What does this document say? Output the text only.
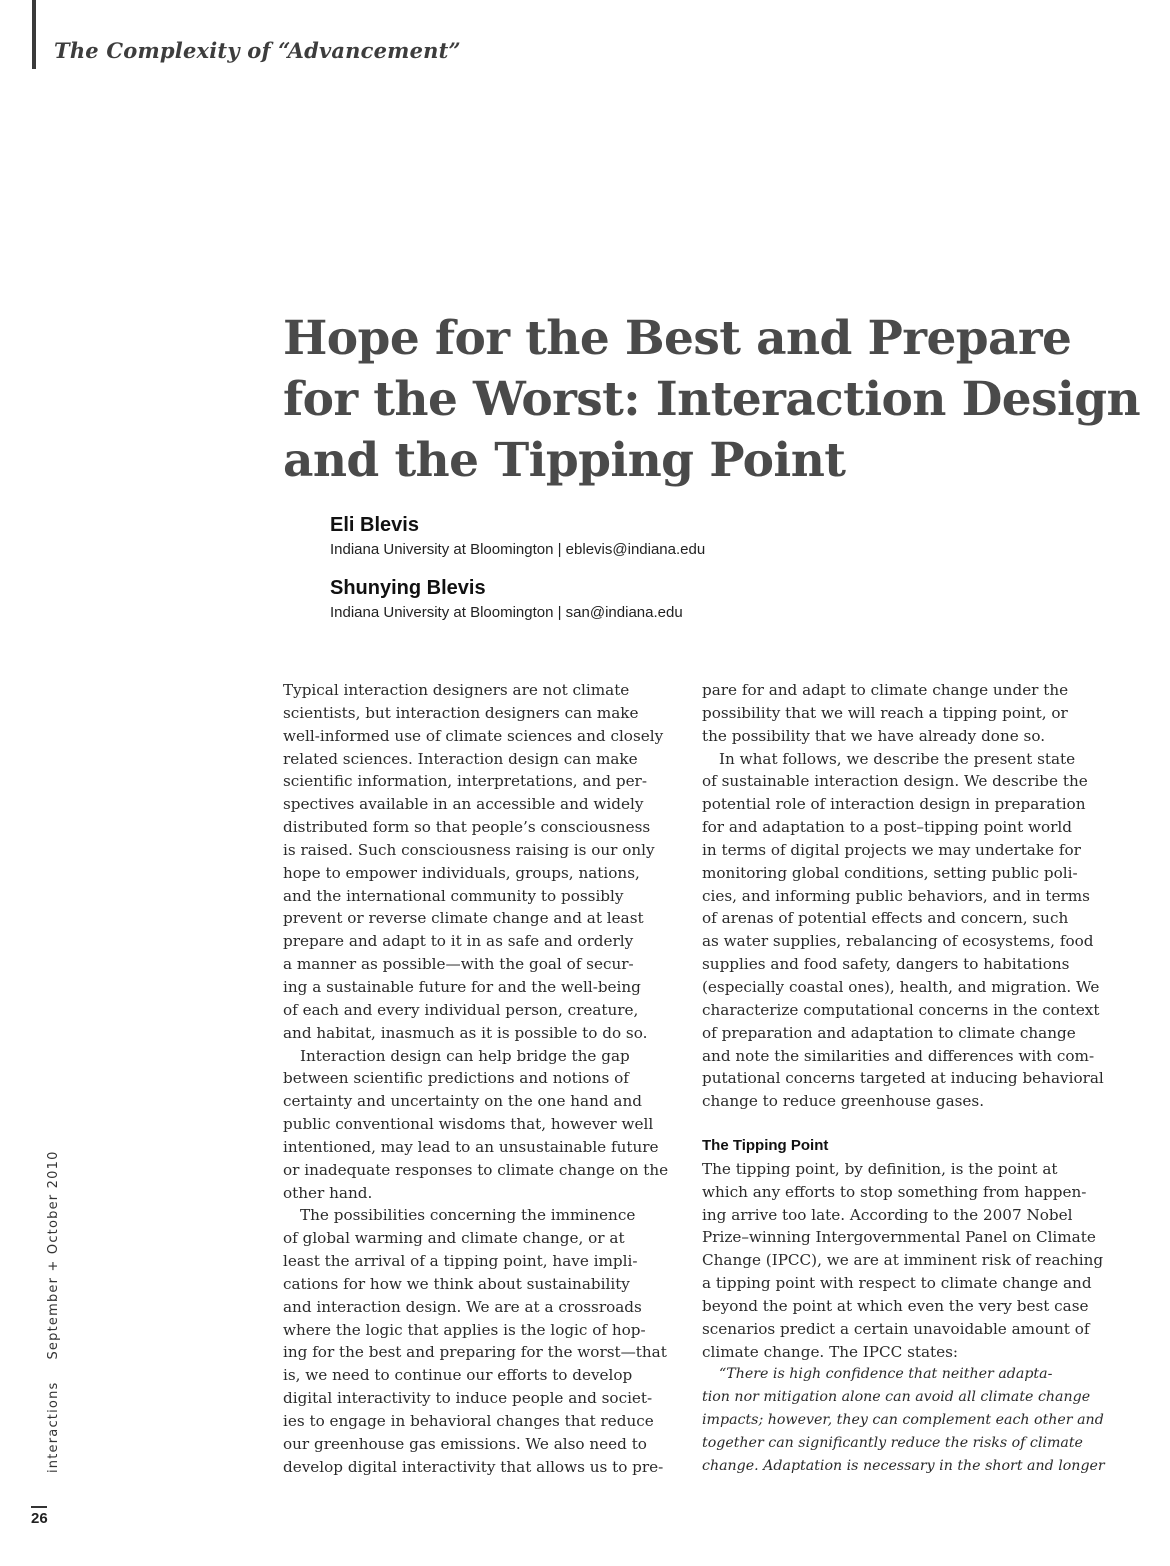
The Complexity of “Advancement”
Hope for the Best and Prepare
for the Worst: Interaction Design
and the Tipping Point
Eli Blevis
Indiana University at Bloomington | eblevis@indiana.edu
Shunying Blevis
Indiana University at Bloomington | san@indiana.edu
Typical interaction designers are not climate
scientists, but interaction designers can make
well-informed use of climate sciences and closely
related sciences. Interaction design can make
scientific information, interpretations, and per-
spectives available in an accessible and widely
distributed form so that people’s consciousness
is raised. Such consciousness raising is our only
hope to empower individuals, groups, nations,
and the international community to possibly
prevent or reverse climate change and at least
prepare and adapt to it in as safe and orderly
a manner as possible—with the goal of secur-
ing a sustainable future for and the well-being
of each and every individual person, creature,
and habitat, inasmuch as it is possible to do so.
Interaction design can help bridge the gap
between scientific predictions and notions of
certainty and uncertainty on the one hand and
public conventional wisdoms that, however well
intentioned, may lead to an unsustainable future
or inadequate responses to climate change on the
other hand.
The possibilities concerning the imminence
of global warming and climate change, or at
least the arrival of a tipping point, have impli-
cations for how we think about sustainability
and interaction design. We are at a crossroads
where the logic that applies is the logic of hop-
ing for the best and preparing for the worst—that
is, we need to continue our efforts to develop
digital interactivity to induce people and societ-
ies to engage in behavioral changes that reduce
our greenhouse gas emissions. We also need to
develop digital interactivity that allows us to pre-
pare for and adapt to climate change under the
possibility that we will reach a tipping point, or
the possibility that we have already done so.
In what follows, we describe the present state
of sustainable interaction design. We describe the
potential role of interaction design in preparation
for and adaptation to a post–tipping point world
in terms of digital projects we may undertake for
monitoring global conditions, setting public poli-
cies, and informing public behaviors, and in terms
of arenas of potential effects and concern, such
as water supplies, rebalancing of ecosystems, food
supplies and food safety, dangers to habitations
(especially coastal ones), health, and migration. We
characterize computational concerns in the context
of preparation and adaptation to climate change
and note the similarities and differences with com-
putational concerns targeted at inducing behavioral
change to reduce greenhouse gases.
The Tipping Point
The tipping point, by definition, is the point at
which any efforts to stop something from happen-
ing arrive too late. According to the 2007 Nobel
Prize–winning Intergovernmental Panel on Climate
Change (IPCC), we are at imminent risk of reaching
a tipping point with respect to climate change and
beyond the point at which even the very best case
scenarios predict a certain unavoidable amount of
climate change. The IPCC states:
“There is high confidence that neither adapta-
tion nor mitigation alone can avoid all climate change
impacts; however, they can complement each other and
together can significantly reduce the risks of climate
change. Adaptation is necessary in the short and longer
interactionsSeptember + October 2010
26
